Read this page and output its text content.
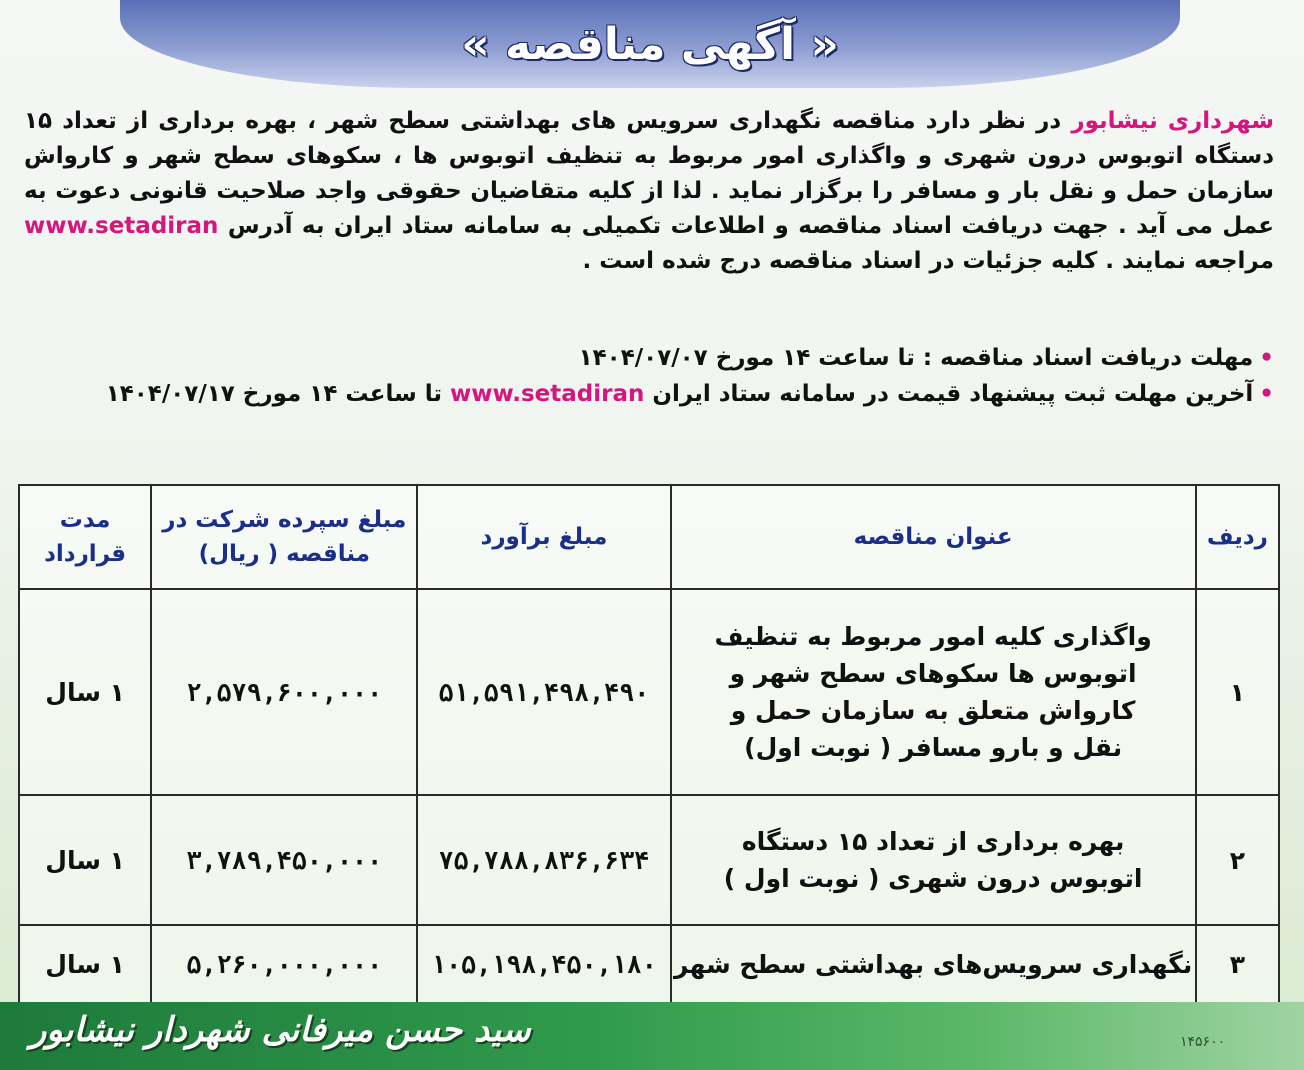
« آگهی مناقصه »
شهرداری نیشابور در نظر دارد مناقصه نگهداری سرویس های بهداشتی سطح شهر ، بهره برداری از تعداد ۱۵ دستگاه اتوبوس درون شهری و واگذاری امور مربوط به تنظیف اتوبوس ها ، سکوهای سطح شهر و کارواش سازمان حمل و نقل بار و مسافر را برگزار نماید . لذا از کلیه متقاضیان حقوقی واجد صلاحیت قانونی دعوت به عمل می آید . جهت دریافت اسناد مناقصه و اطلاعات تکمیلی به سامانه ستاد ایران به آدرس www.setadiran مراجعه نمایند . کلیه جزئیات در اسناد مناقصه درج شده است .
•مهلت دریافت اسناد مناقصه : تا ساعت ۱۴ مورخ ۱۴۰۴/۰۷/۰۷
•آخرین مهلت ثبت پیشنهاد قیمت در سامانه ستاد ایران www.setadiran تا ساعت ۱۴ مورخ ۱۴۰۴/۰۷/۱۷
ردیف	عنوان مناقصه	مبلغ برآورد	مبلغ سپرده شرکت در مناقصه ( ریال)	مدت قرارداد
۱	واگذاری کلیه امور مربوط به تنظیف اتوبوس ها سکوهای سطح شهر و کارواش متعلق به سازمان حمل و نقل و بارو مسافر ( نوبت اول)	۵۱,۵۹۱,۴۹۸,۴۹۰	۲,۵۷۹,۶۰۰,۰۰۰	۱ سال
۲	بهره برداری از تعداد ۱۵ دستگاه اتوبوس درون شهری ( نوبت اول )	۷۵,۷۸۸,۸۳۶,۶۳۴	۳,۷۸۹,۴۵۰,۰۰۰	۱ سال
۳	نگهداری سرویس‌های بهداشتی سطح شهر	۱۰۵,۱۹۸,۴۵۰,۱۸۰	۵,۲۶۰,۰۰۰,۰۰۰	۱ سال
سید حسن میرفانی شهردار نیشابور	۱۴۵۶۰۰
